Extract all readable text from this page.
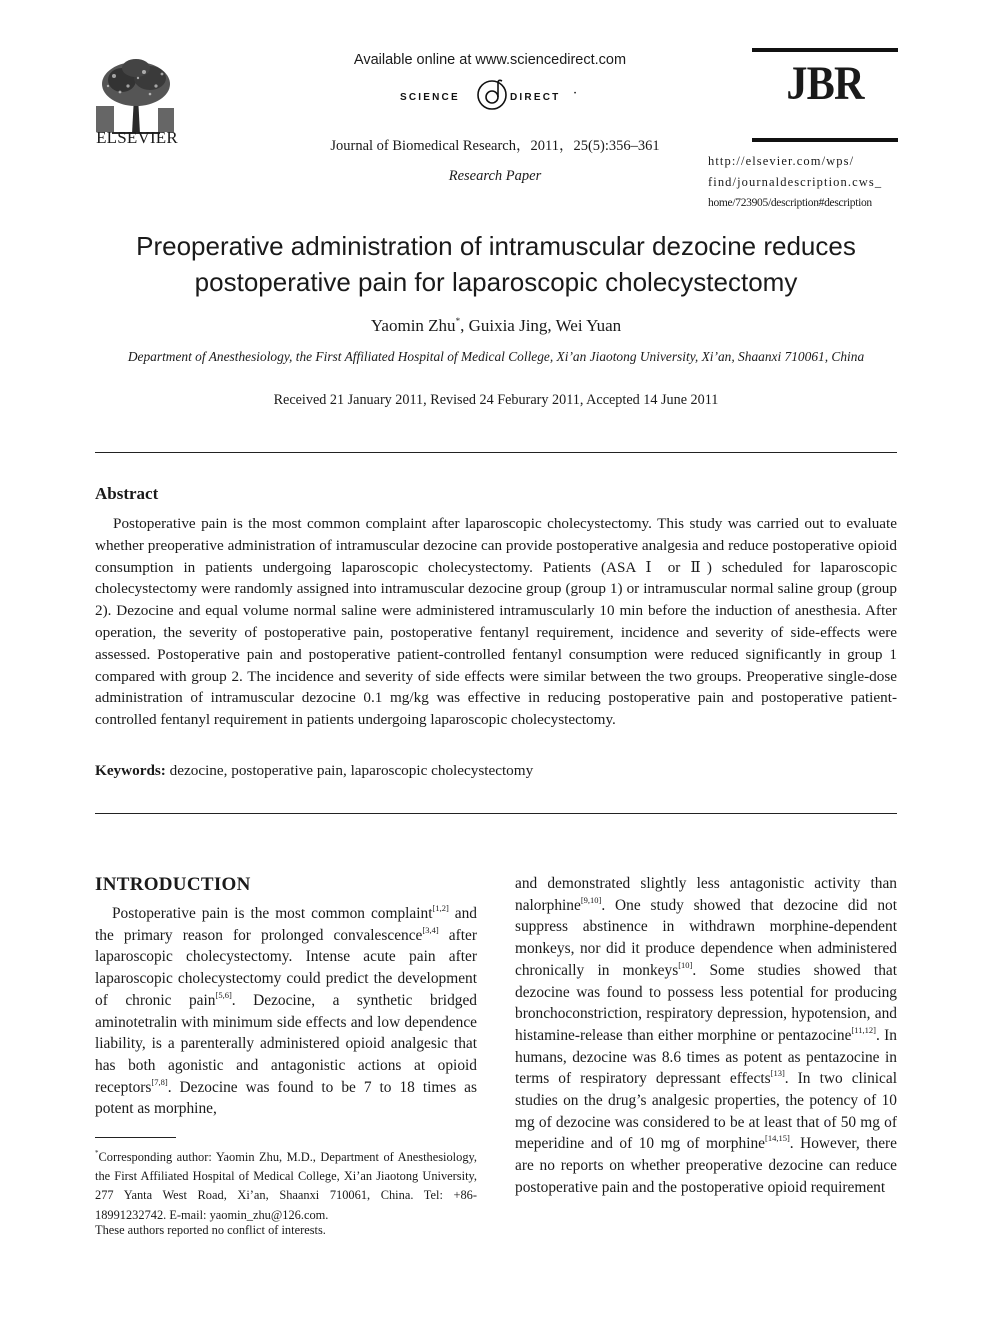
ELSEVIER
Available online at www.sciencedirect.com
SCIENCE	DIRECT •
Journal of Biomedical Research，2011，25(5):356–361
Research Paper
JBR
http://elsevier.com/wps/
find/journaldescription.cws_
home/723905/description#description
Preoperative administration of intramuscular dezocine reduces
postoperative pain for laparoscopic cholecystectomy
Yaomin Zhu*, Guixia Jing, Wei Yuan
Department of Anesthesiology, the First Affiliated Hospital of Medical College, Xi’an Jiaotong University, Xi’an, Shaanxi 710061, China
Received 21 January 2011, Revised 24 Feburary 2011, Accepted 14 June 2011
Abstract
Postoperative pain is the most common complaint after laparoscopic cholecystectomy. This study was carried out to evaluate whether preoperative administration of intramuscular dezocine can provide postoperative analgesia and reduce postoperative opioid consumption in patients undergoing laparoscopic cholecystectomy. Patients (ASA Ⅰ or Ⅱ) scheduled for laparoscopic cholecystectomy were randomly assigned into intramuscular dezocine group (group 1) or intramuscular normal saline group (group 2). Dezocine and equal volume normal saline were administered intramuscularly 10 min before the induction of anesthesia. After operation, the severity of postoperative pain, postoperative fentanyl requirement, incidence and severity of side-effects were assessed. Postoperative pain and postoperative patient-controlled fentanyl consumption were reduced significantly in group 1 compared with group 2. The incidence and severity of side effects were similar between the two groups. Preoperative single-dose administration of intramuscular dezocine 0.1 mg/kg was effective in reducing postoperative pain and postoperative patient-controlled fentanyl requirement in patients undergoing laparoscopic cholecystectomy.
Keywords: dezocine, postoperative pain, laparoscopic cholecystectomy
INTRODUCTION
Postoperative pain is the most common complaint[1,2] and the primary reason for prolonged convalescence[3,4] after laparoscopic cholecystectomy. Intense acute pain after laparoscopic cholecystectomy could predict the development of chronic pain[5,6]. Dezocine, a synthetic bridged aminotetralin with minimum side effects and low dependence liability, is a parenterally administered opioid analgesic that has both agonistic and antagonistic actions at opioid receptors[7,8]. Dezocine was found to be 7 to 18 times as potent as morphine,
and demonstrated slightly less antagonistic activity than nalorphine[9,10]. One study showed that dezocine did not suppress abstinence in withdrawn morphine-dependent monkeys, nor did it produce dependence when administered chronically in monkeys[10]. Some studies showed that dezocine was found to possess less potential for producing bronchoconstriction, respiratory depression, hypotension, and histamine-release than either morphine or pentazocine[11,12]. In humans, dezocine was 8.6 times as potent as pentazocine in terms of respiratory depressant effects[13]. In two clinical studies on the drug’s analgesic properties, the potency of 10 mg of dezocine was considered to be at least that of 50 mg of meperidine and of 10 mg of morphine[14,15]. However, there are no reports on whether preoperative dezocine can reduce postoperative pain and the postoperative opioid requirement
*Corresponding author: Yaomin Zhu, M.D., Department of Anesthesiology, the First Affiliated Hospital of Medical College, Xi’an Jiaotong University, 277 Yanta West Road, Xi’an, Shaanxi 710061, China. Tel: +86-18991232742. E-mail: yaomin_zhu@126.com.
These authors reported no conflict of interests.
